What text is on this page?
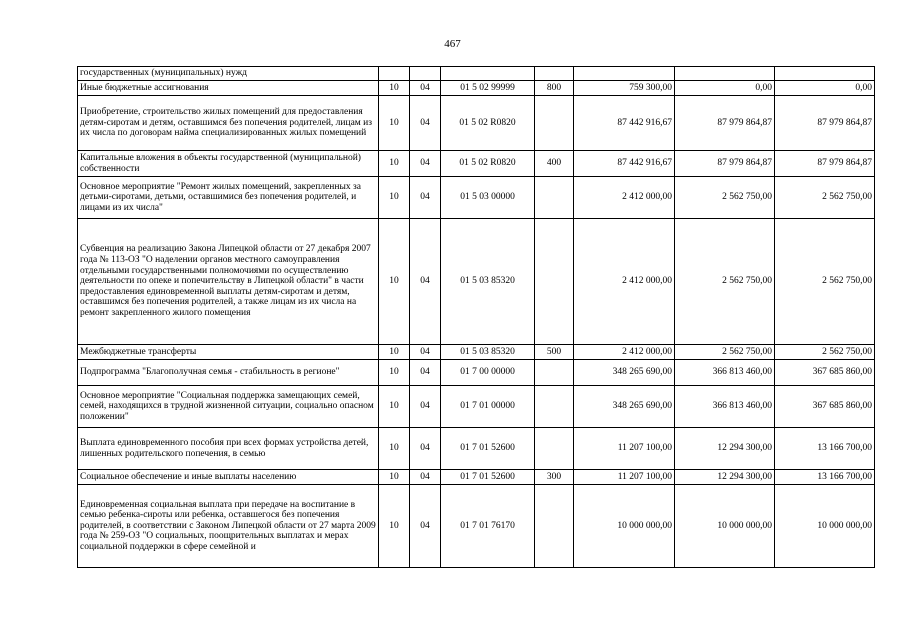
467
государственных (муниципальных) нужд							
Иные бюджетные ассигнования	10	04	01 5 02 99999	800	759 300,00	0,00	0,00
Приобретение, строительство жилых помещений для предоставления детям-сиротам и детям, оставшимся без попечения родителей, лицам из их числа по договорам найма специализированных жилых помещений	10	04	01 5 02 R0820		87 442 916,67	87 979 864,87	87 979 864,87
Капитальные вложения в объекты государственной (муниципальной) собственности	10	04	01 5 02 R0820	400	87 442 916,67	87 979 864,87	87 979 864,87
Основное мероприятие "Ремонт жилых помещений, закрепленных за детьми-сиротами, детьми, оставшимися без попечения родителей, и лицами из их числа"	10	04	01 5 03 00000		2 412 000,00	2 562 750,00	2 562 750,00
Субвенция на реализацию Закона Липецкой области от 27 декабря 2007 года № 113-ОЗ "О наделении органов местного самоуправления отдельными государственными полномочиями по осуществлению деятельности по опеке и попечительству в Липецкой области" в части предоставления единовременной выплаты детям-сиротам и детям, оставшимся без попечения родителей, а также лицам из их числа на ремонт закрепленного жилого помещения	10	04	01 5 03 85320		2 412 000,00	2 562 750,00	2 562 750,00
Межбюджетные трансферты	10	04	01 5 03 85320	500	2 412 000,00	2 562 750,00	2 562 750,00
Подпрограмма "Благополучная семья - стабильность в регионе"	10	04	01 7 00 00000		348 265 690,00	366 813 460,00	367 685 860,00
Основное мероприятие "Социальная поддержка замещающих семей, семей, находящихся в трудной жизненной ситуации, социально опасном положении"	10	04	01 7 01 00000		348 265 690,00	366 813 460,00	367 685 860,00
Выплата единовременного пособия при всех формах устройства детей, лишенных родительского попечения, в семью	10	04	01 7 01 52600		11 207 100,00	12 294 300,00	13 166 700,00
Социальное обеспечение и иные выплаты населению	10	04	01 7 01 52600	300	11 207 100,00	12 294 300,00	13 166 700,00
Единовременная социальная выплата при передаче на воспитание в семью ребенка-сироты или ребенка, оставшегося без попечения родителей, в соответствии с Законом Липецкой области от 27 марта 2009 года № 259-ОЗ "О социальных, поощрительных выплатах и мерах социальной поддержки в сфере семейной и	10	04	01 7 01 76170		10 000 000,00	10 000 000,00	10 000 000,00
